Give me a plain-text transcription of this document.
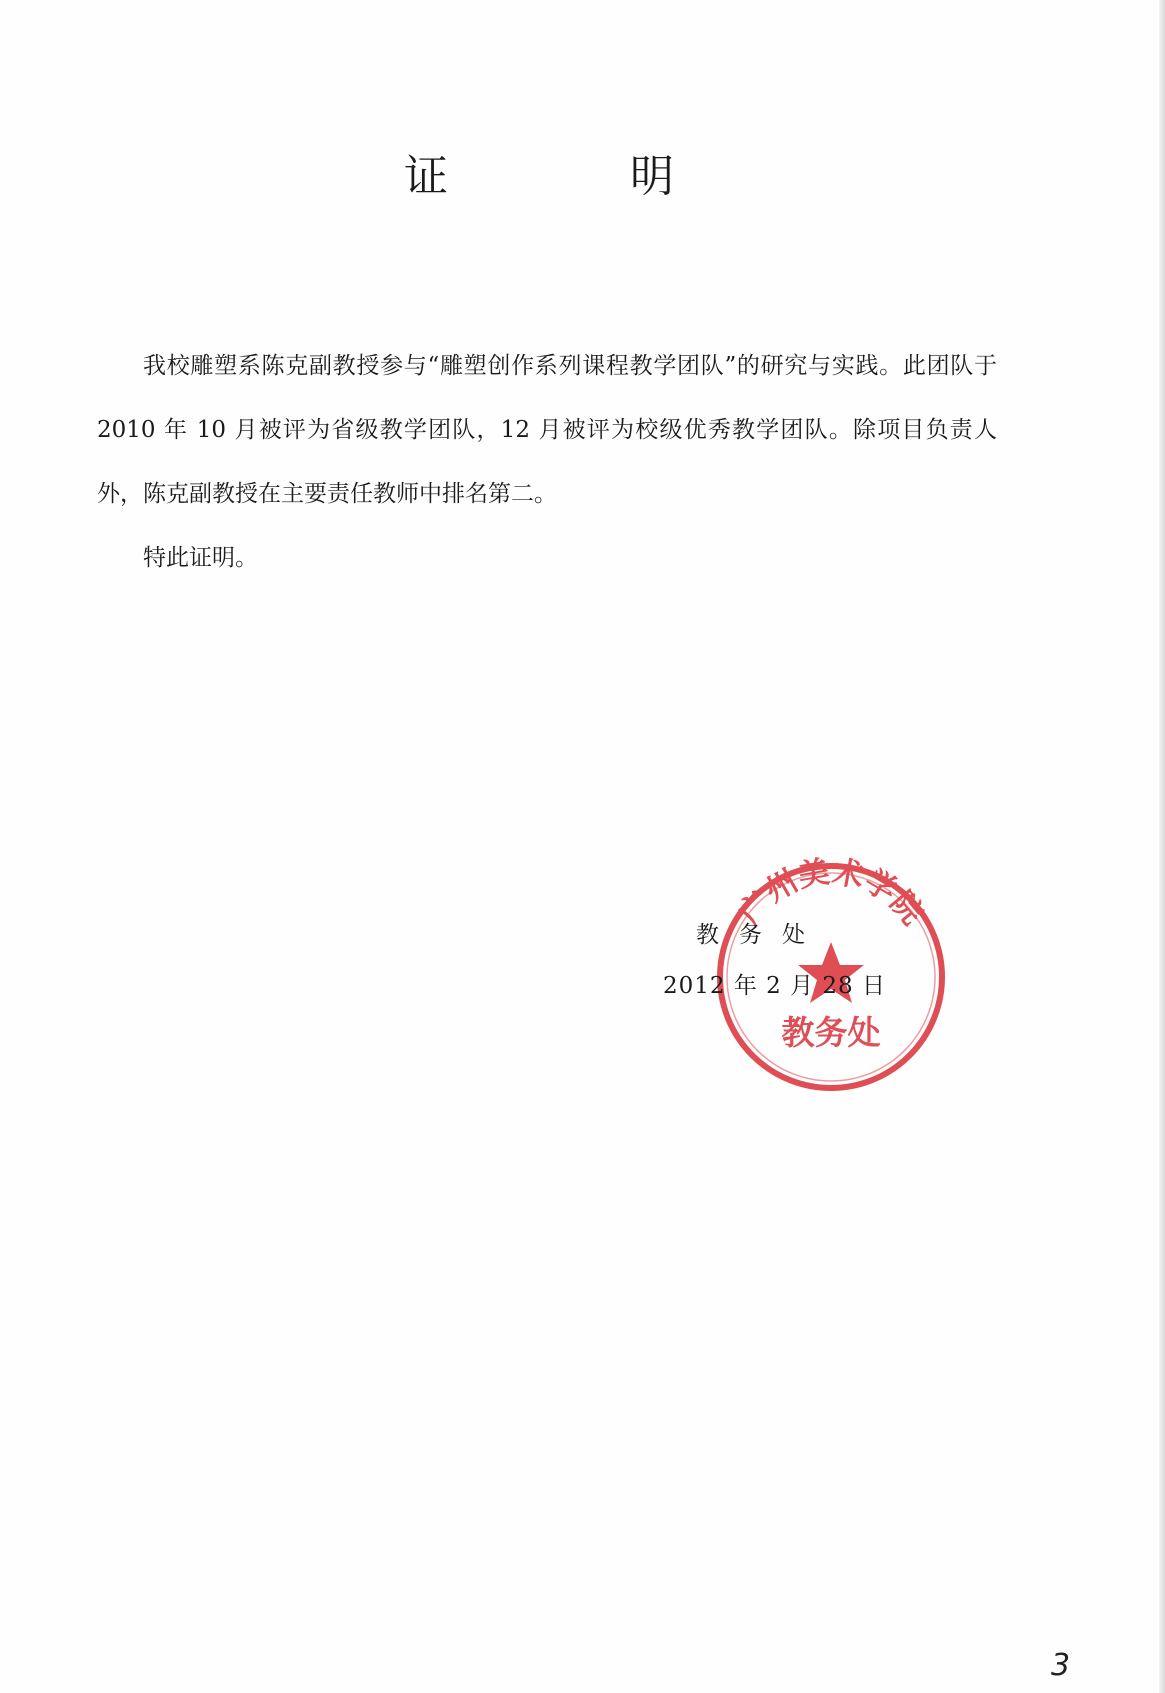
证	明

我校雕塑系陈克副教授参与“雕塑创作系列课程教学团队”的研究与实践。此团队于 2010 年 10 月被评为省级教学团队，12 月被评为校级优秀教学团队。除项目负责人外，陈克副教授在主要责任教师中排名第二。

特此证明。

广州美术学院
教务处
教务处
2012 年 2 月 28 日
3
